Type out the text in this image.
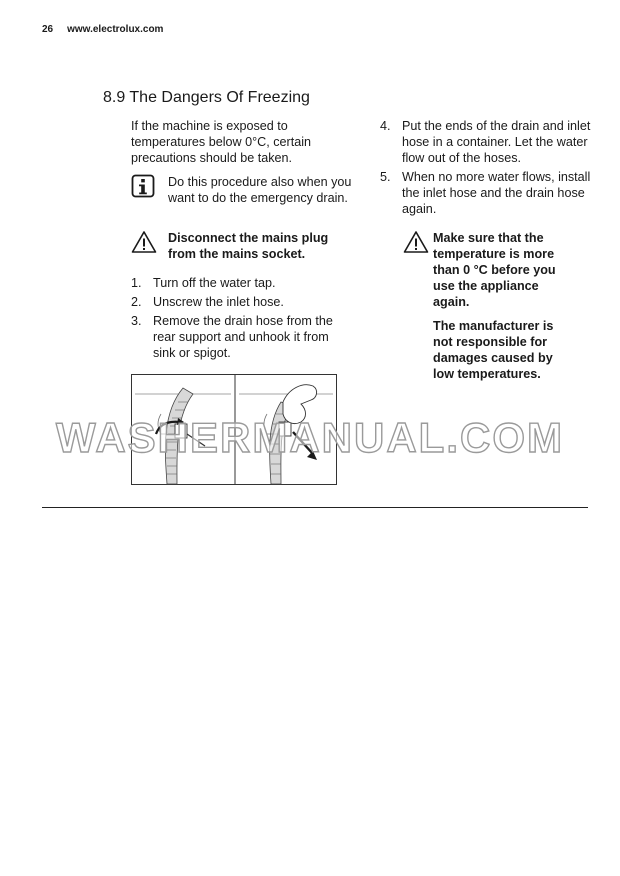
26 www.electrolux.com
8.9 The Dangers Of Freezing
If the machine is exposed to temperatures below 0°C, certain precautions should be taken.
Do this procedure also when you want to do the emergency drain.
Disconnect the mains plug from the mains socket.
1. Turn off the water tap.
2. Unscrew the inlet hose.
3. Remove the drain hose from the rear support and unhook it from sink or spigot.
4. Put the ends of the drain and inlet hose in a container. Let the water flow out of the hoses.
5. When no more water flows, install the inlet hose and the drain hose again.
Make sure that the temperature is more than 0 °C before you use the appliance again.
The manufacturer is not responsible for damages caused by low temperatures.
WASHERMANUAL.COM
